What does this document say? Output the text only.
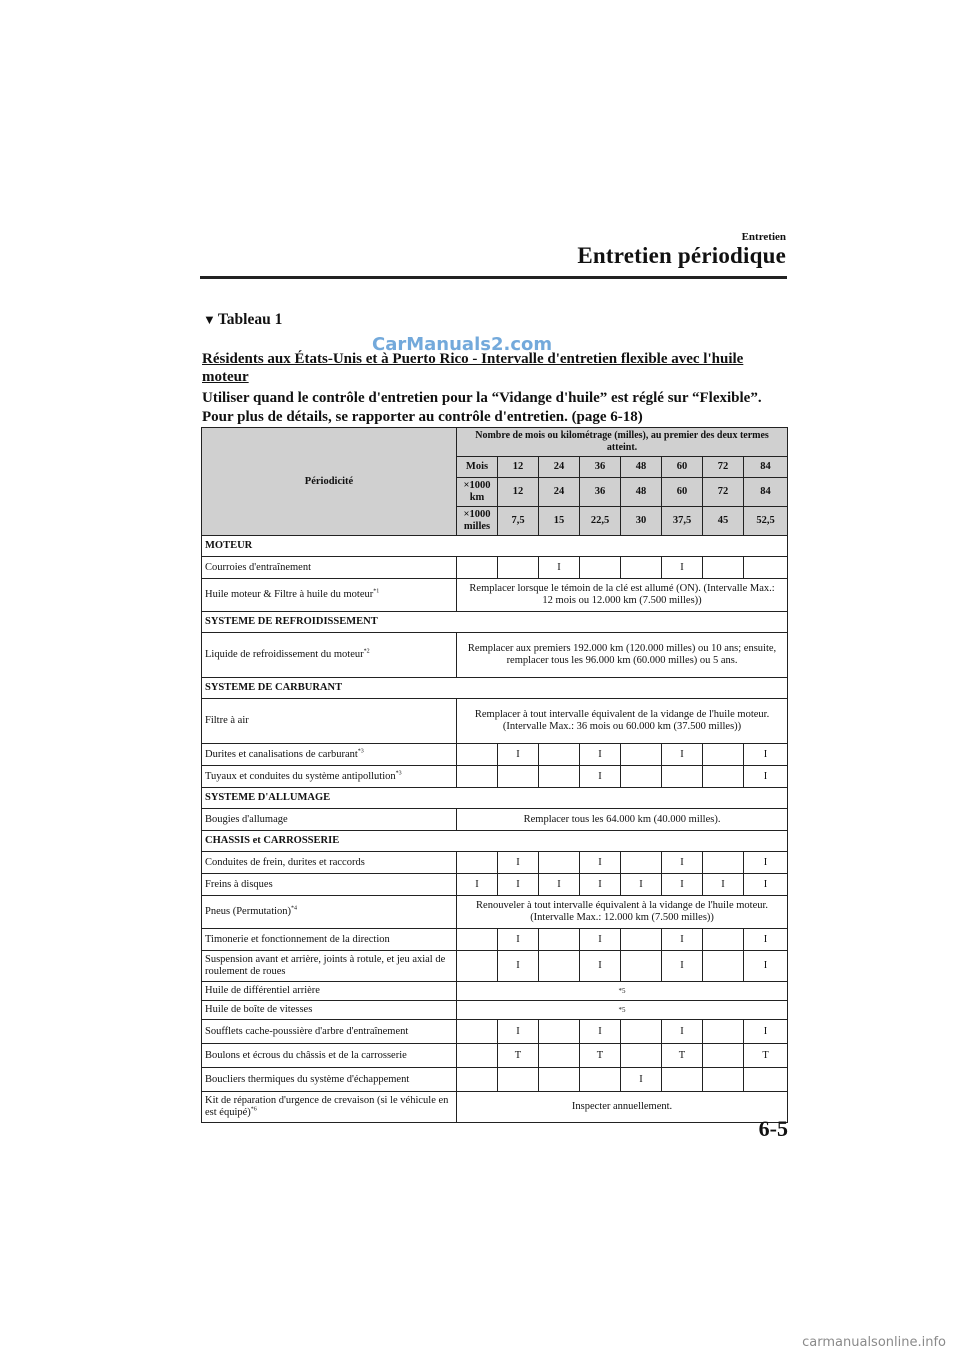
Entretien
Entretien périodique
▼ Tableau 1
CarManuals2.com
Résidents aux États-Unis et à Puerto Rico - Intervalle d'entretien flexible avec l'huile moteur
Utiliser quand le contrôle d'entretien pour la “Vidange d'huile” est réglé sur “Flexible”. Pour plus de détails, se rapporter au contrôle d'entretien. (page 6-18)
Périodicité	Nombre de mois ou kilométrage (milles), au premier des deux termes atteint.							
	Mois	12	24	36	48	60	72	84
	×1000 km	12	24	36	48	60	72	84
	×1000 milles	7,5	15	22,5	30	37,5	45	52,5
MOTEUR								
Courroies d'entraînement			I			I		
Huile moteur & Filtre à huile du moteur$^{*1}$	Remplacer lorsque le témoin de la clé est allumé (ON). (Intervalle Max.: 12 mois ou 12.000 km (7.500 milles))							
SYSTEME DE REFROIDISSEMENT								
Liquide de refroidissement du moteur$^{*2}$	Remplacer aux premiers 192.000 km (120.000 milles) ou 10 ans; ensuite, remplacer tous les 96.000 km (60.000 milles) ou 5 ans.							
SYSTEME DE CARBURANT								
Filtre à air	Remplacer à tout intervalle équivalent de la vidange de l'huile moteur. (Intervalle Max.: 36 mois ou 60.000 km (37.500 milles))							
Durites et canalisations de carburant$^{*3}$		I		I		I		I
Tuyaux et conduites du système antipollution$^{*3}$				I				I
SYSTEME D'ALLUMAGE								
Bougies d'allumage	Remplacer tous les 64.000 km (40.000 milles).							
CHASSIS et CARROSSERIE								
Conduites de frein, durites et raccords		I		I		I		I
Freins à disques	I	I	I	I	I	I	I	I
Pneus (Permutation)$^{*4}$	Renouveler à tout intervalle équivalent à la vidange de l'huile moteur. (Intervalle Max.: 12.000 km (7.500 milles))							
Timonerie et fonctionnement de la direction		I		I		I		I
Suspension avant et arrière, joints à rotule, et jeu axial de roulement de roues		I		I		I		I
Huile de différentiel arrière	*5							
Huile de boîte de vitesses	*5							
Soufflets cache-poussière d'arbre d'entraînement		I		I		I		I
Boulons et écrous du châssis et de la carrosserie		T		T		T		T
Boucliers thermiques du système d'échappement					I			
Kit de réparation d'urgence de crevaison (si le véhicule en est équipé)$^{*6}$	Inspecter annuellement.							
6-5
carmanualsonline.info
